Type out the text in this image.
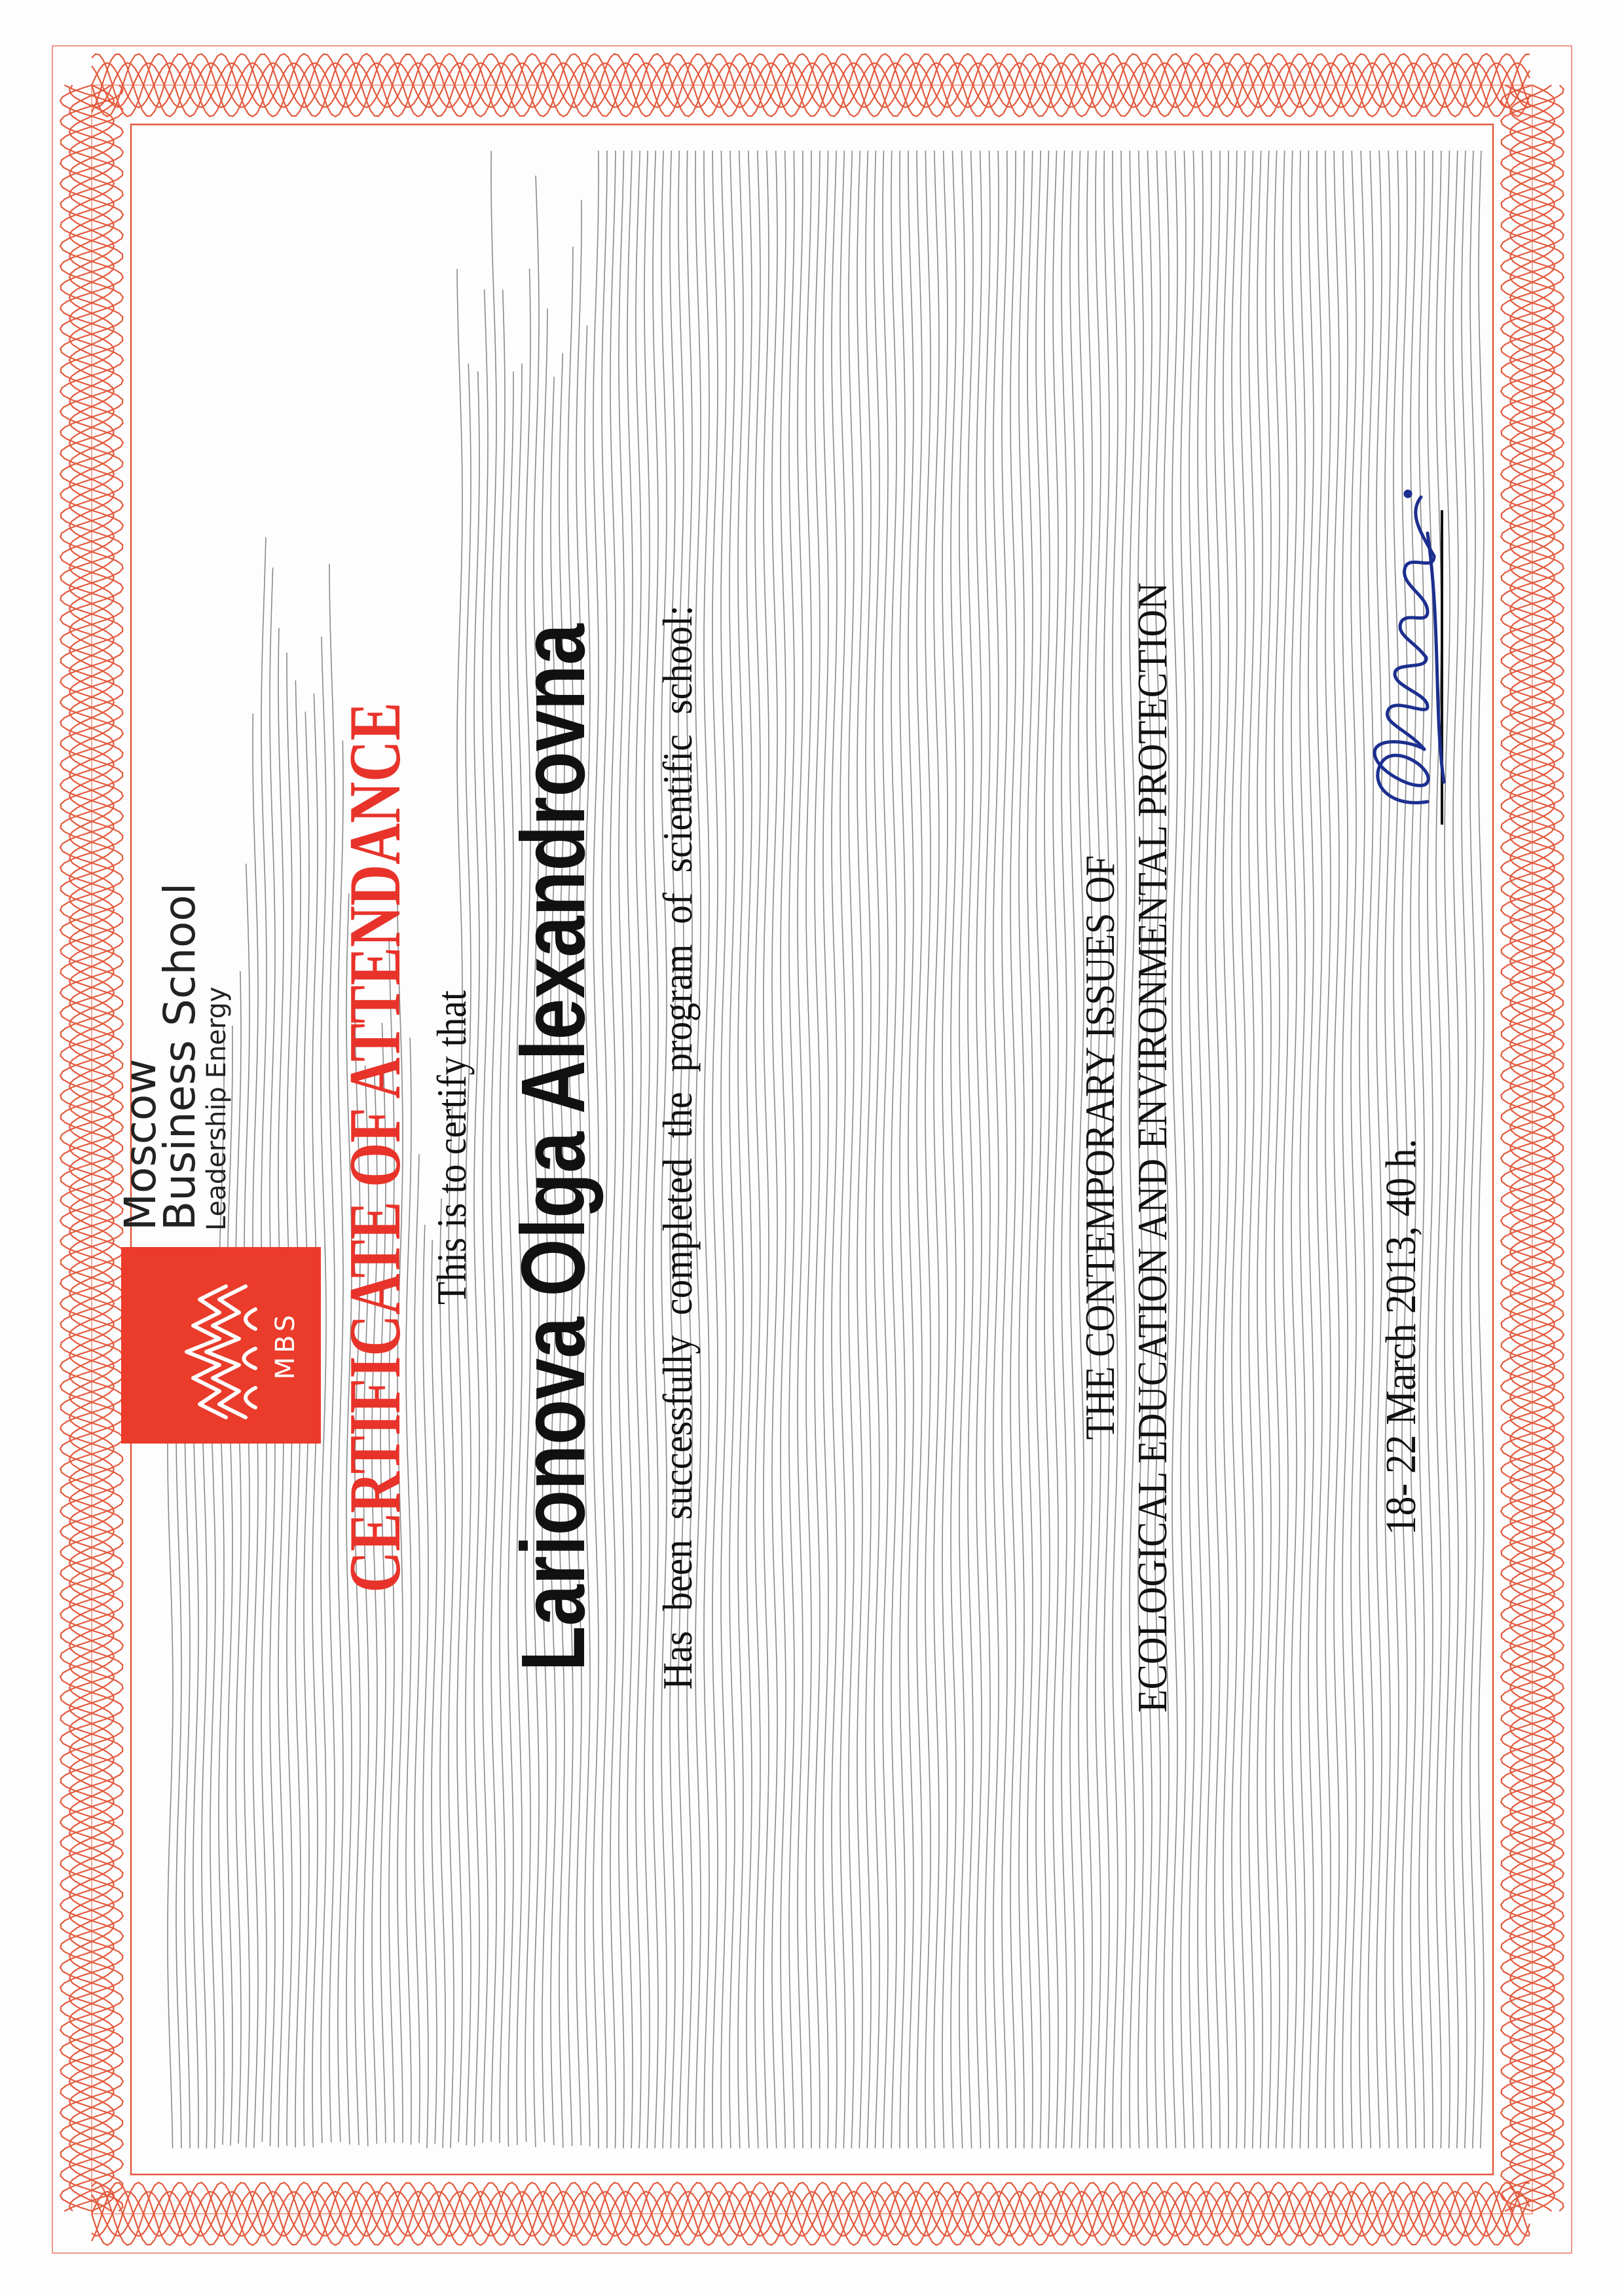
MBS
Moscow
Business School
Leadership Energy CERTIFICATE OF ATTENDANCE This is to certify that Larionova Olga Alexandrovna Has been successfully completed the program of scientific school:	THE CONTEMPORARY ISSUES OF ECOLOGICAL EDUCATION AND ENVIRONMENTAL PROTECTION	18- 22 March 2013, 40 h.
